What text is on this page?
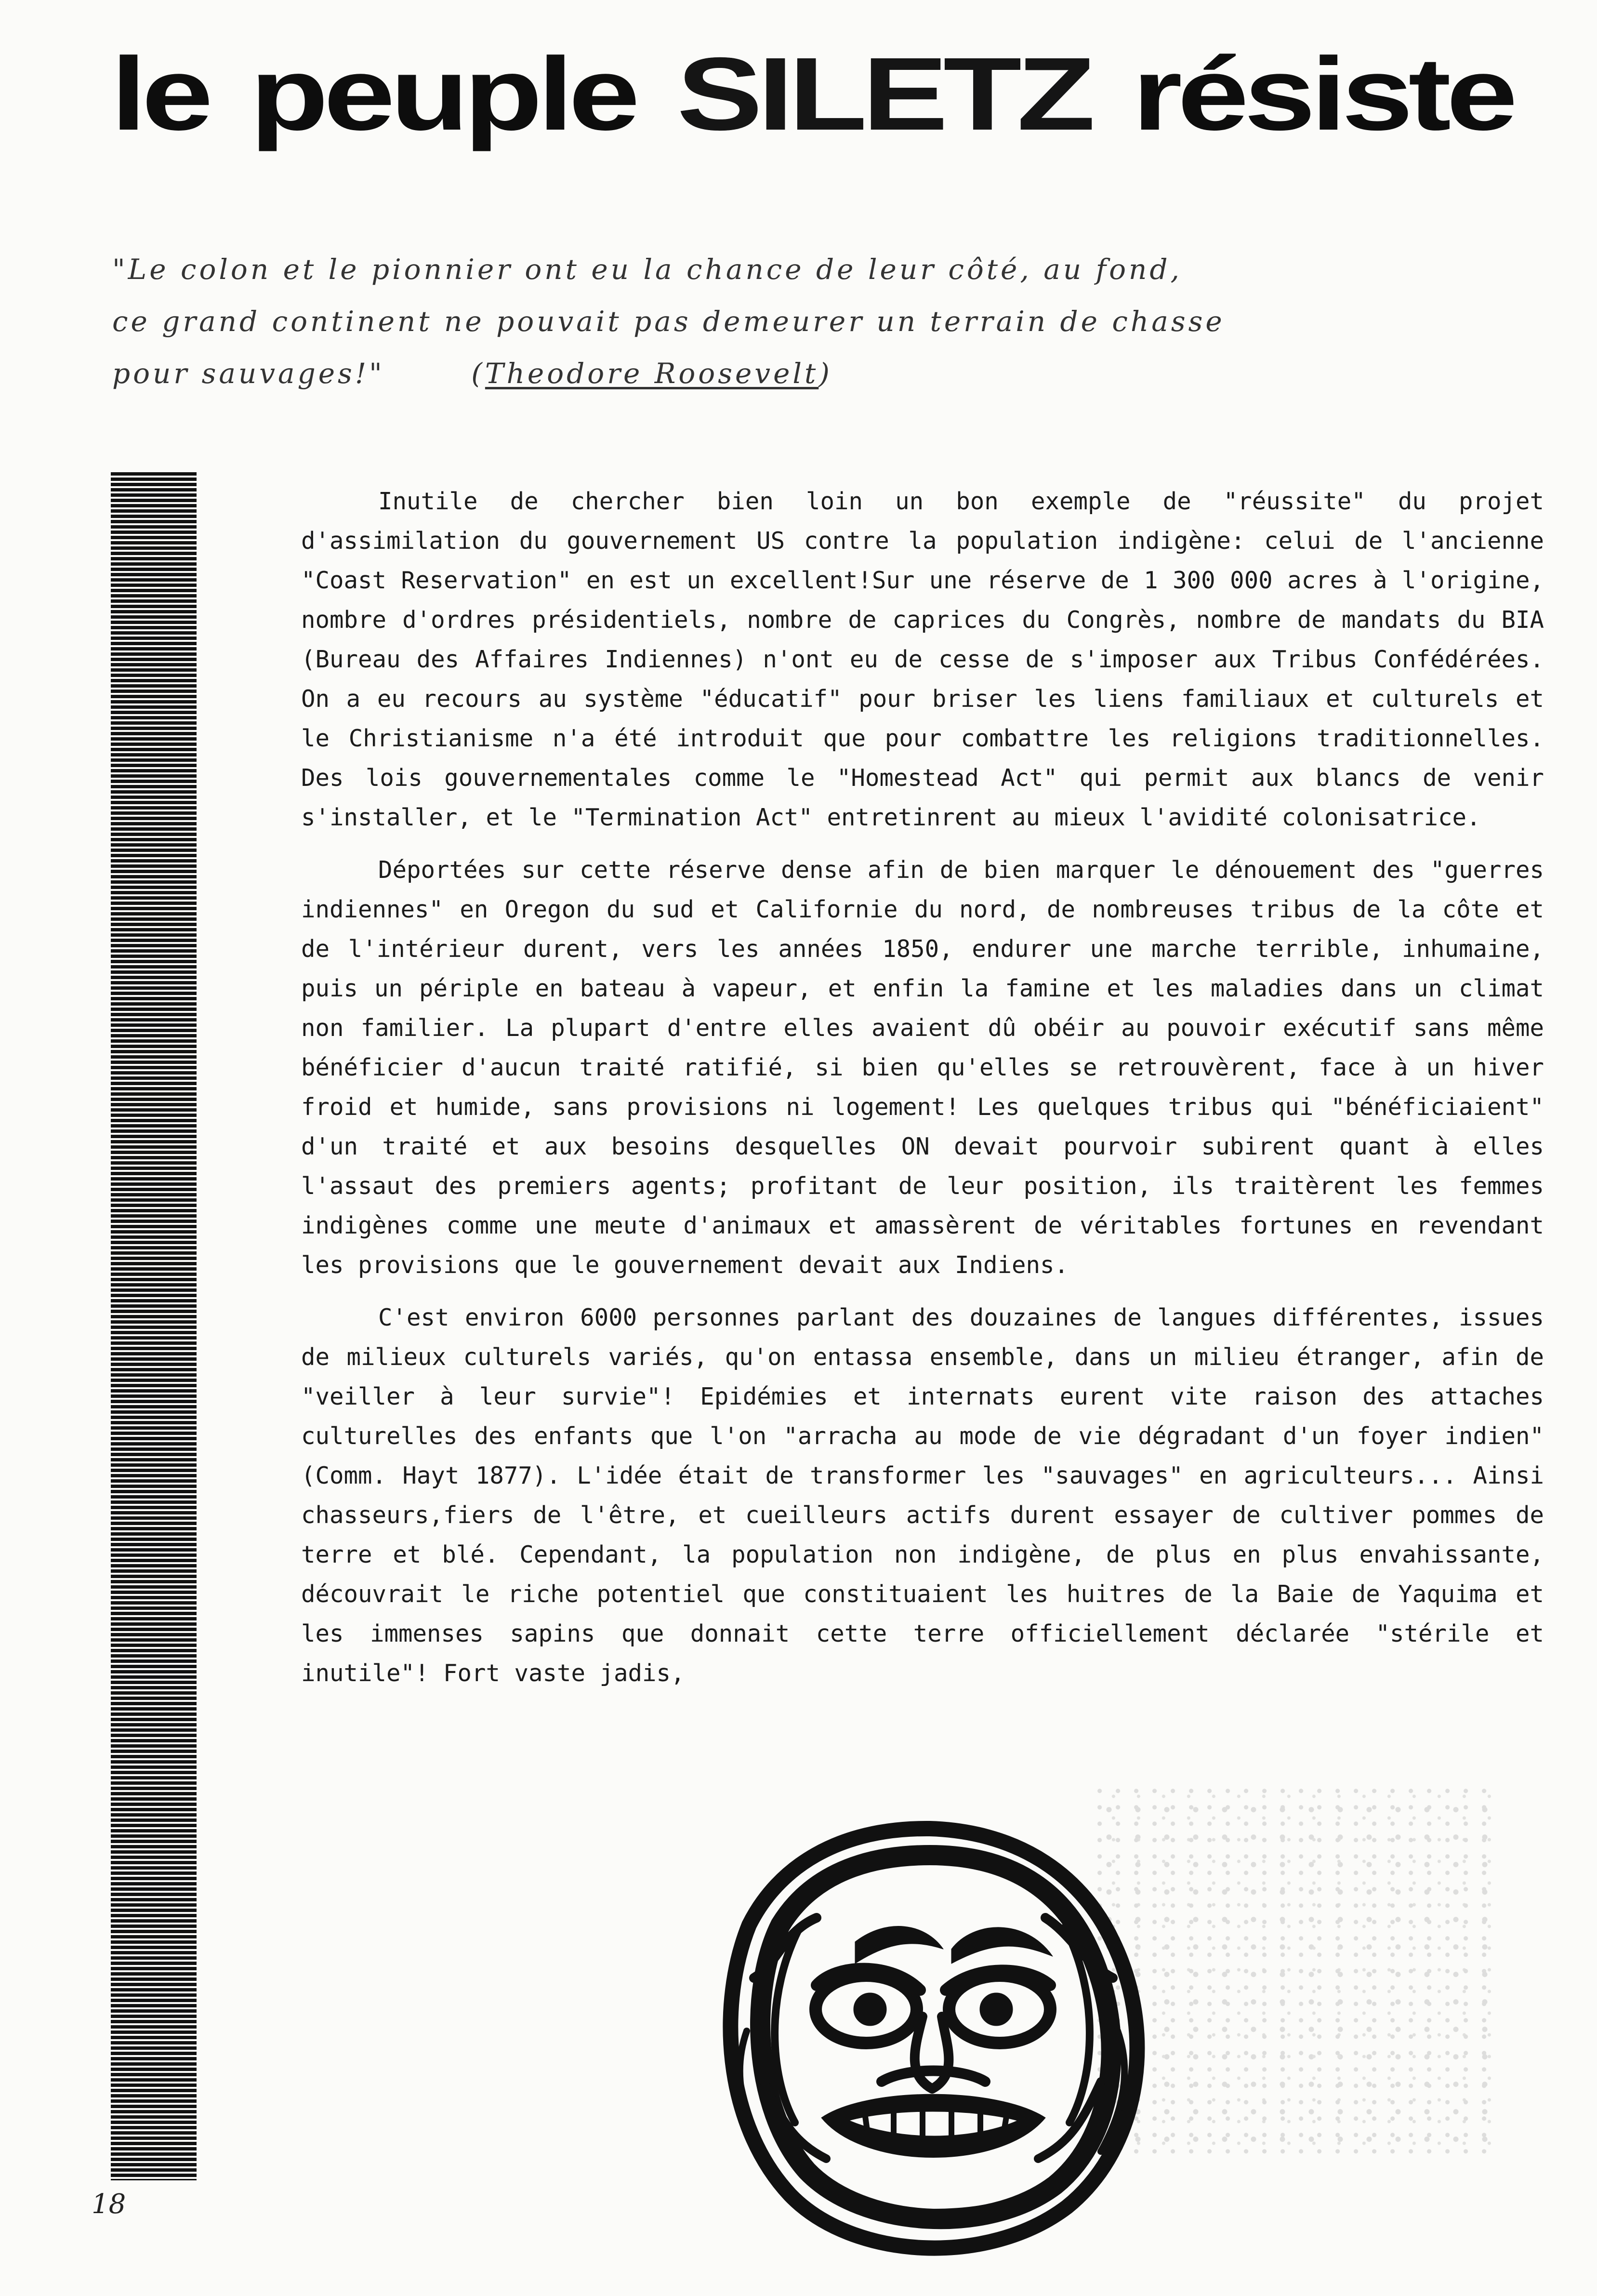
le peuple SILETZ résiste

"Le colon et le pionnier ont eu la chance de leur côté, au fond,

ce grand continent ne pouvait pas demeurer un terrain de chasse

pour sauvages!"	(Theodore Roosevelt)

Inutile de chercher bien loin un bon exemple de "réussite" du projet d'assimilation du gouvernement US contre la population indigène: celui de l'ancienne "Coast Reservation" en est un excellent!Sur une réserve de 1 300 000 acres à l'origine, nombre d'ordres présidentiels, nombre de caprices du Congrès, nombre de mandats du BIA (Bureau des Affaires Indiennes) n'ont eu de cesse de s'imposer aux Tribus Confédérées. On a eu recours au système "éducatif" pour briser les liens familiaux et culturels et le Christianisme n'a été introduit que pour combattre les religions traditionnelles. Des lois gouvernementales comme le "Homestead Act" qui permit aux blancs de venir s'installer, et le "Termination Act" entretinrent au mieux l'avidité colonisatrice.

Déportées sur cette réserve dense afin de bien marquer le dénouement des "guerres indiennes" en Oregon du sud et Californie du nord, de nombreuses tribus de la côte et de l'intérieur durent, vers les années 1850, endurer une marche terrible, inhumaine, puis un périple en bateau à vapeur, et enfin la famine et les maladies dans un climat non familier. La plupart d'entre elles avaient dû obéir au pouvoir exécutif sans même bénéficier d'aucun traité ratifié, si bien qu'elles se retrouvèrent, face à un hiver froid et humide, sans provisions ni logement! Les quelques tribus qui "bénéficiaient" d'un traité et aux besoins desquelles ON devait pourvoir subirent quant à elles l'assaut des premiers agents; profitant de leur position, ils traitèrent les femmes indigènes comme une meute d'animaux et amassèrent de véritables fortunes en revendant les provisions que le gouvernement devait aux Indiens.

C'est environ 6000 personnes parlant des douzaines de langues différentes, issues de milieux culturels variés, qu'on entassa ensemble, dans un milieu étranger, afin de "veiller à leur survie"! Epidémies et internats eurent vite raison des attaches culturelles des enfants que l'on "arracha au mode de vie dégradant d'un foyer indien"(Comm. Hayt 1877). L'idée était de transformer les "sauvages" en agriculteurs... Ainsi chasseurs,fiers de l'être, et cueilleurs actifs durent essayer de cultiver pommes de terre et blé. Cependant, la population non indigène, de plus en plus envahissante, découvrait le riche potentiel que constituaient les huitres de la Baie de Yaquima et les immenses sapins que donnait cette terre officiellement déclarée "stérile et inutile"! Fort vaste jadis,

18
